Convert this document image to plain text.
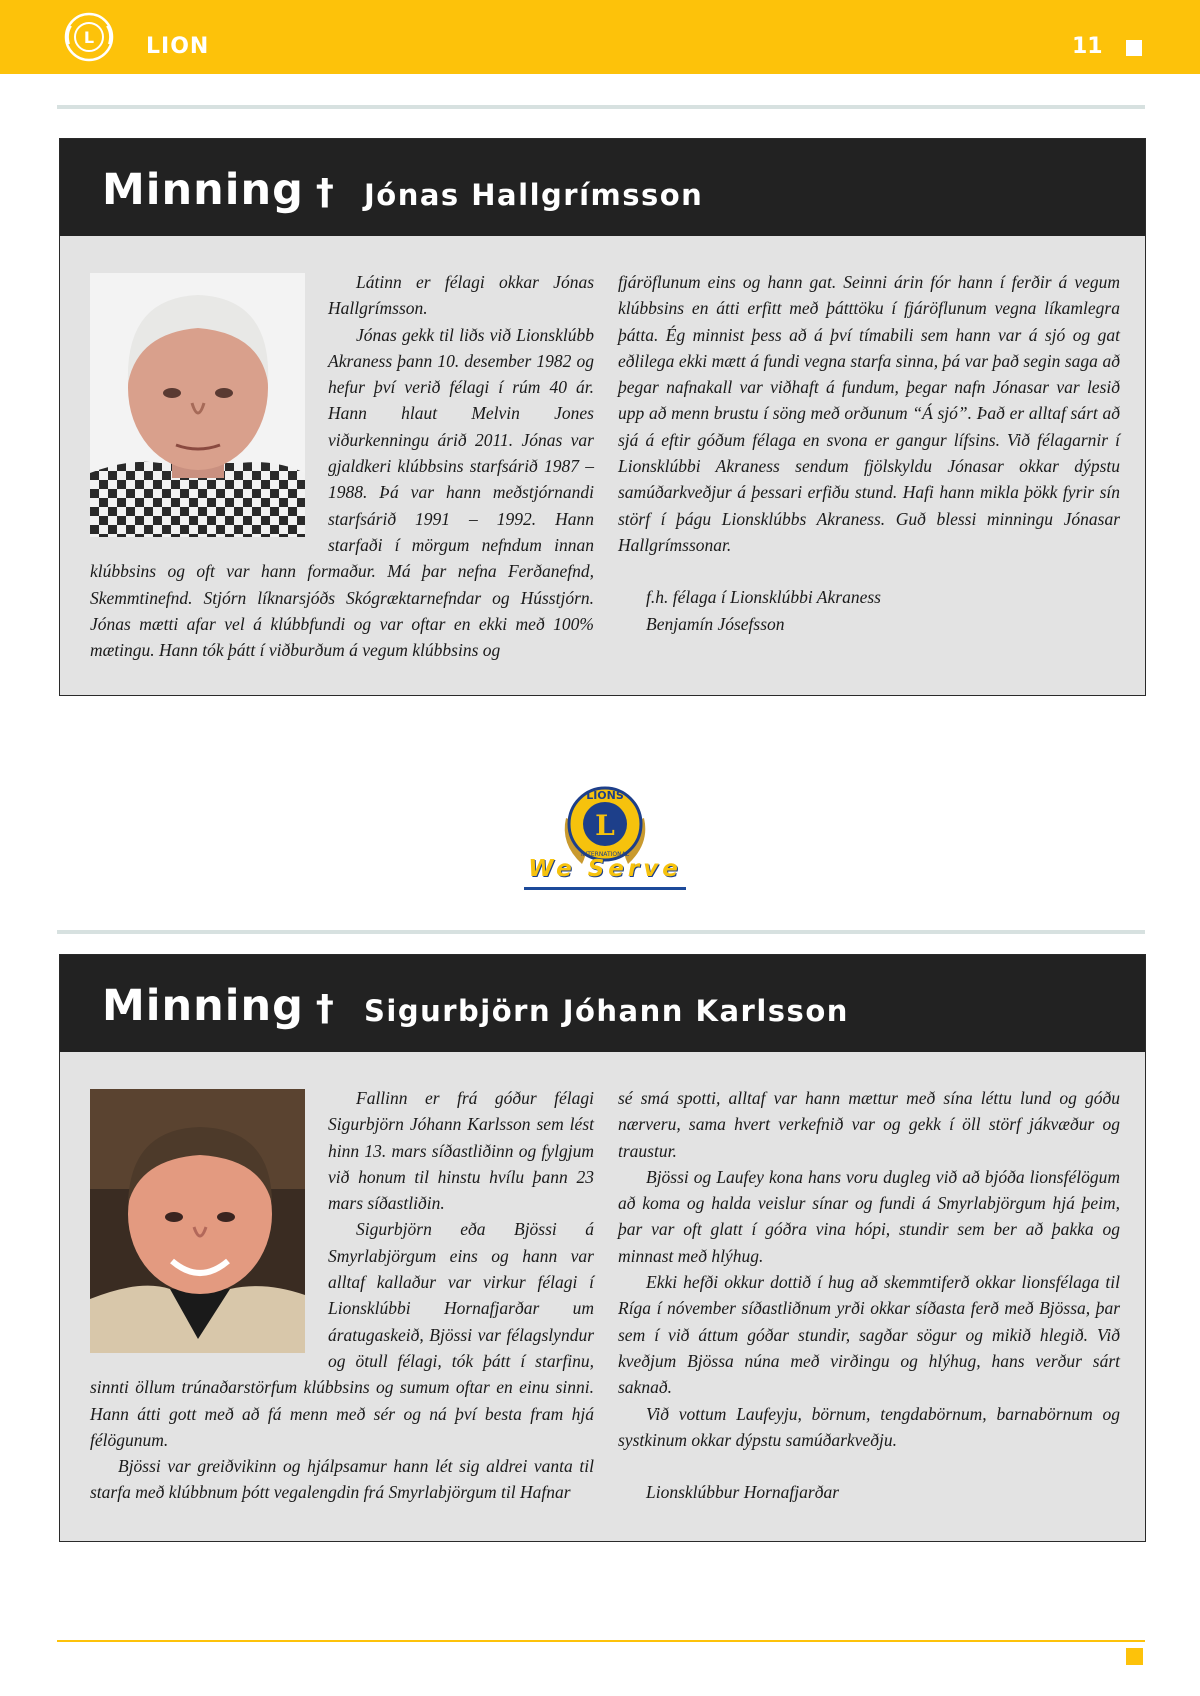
L LION	11
Minning † Jónas Hallgrímsson

Látinn er félagi okkar Jónas Hallgrímsson.

Jónas gekk til liðs við Lionsklúbb Akraness þann 10. desember 1982 og hefur því verið félagi í rúm 40 ár. Hann hlaut Melvin Jones viðurkenningu árið 2011. Jónas var gjaldkeri klúbbsins starfsárið 1987 – 1988. Þá var hann meðstjórnandi starfsárið 1991 – 1992. Hann starfaði í mörgum nefndum innan klúbbsins og oft var hann formaður. Má þar nefna Ferðanefnd, Skemmtinefnd. Stjórn líknarsjóðs Skógræktarnefndar og Hússtjórn. Jónas mætti afar vel á klúbbfundi og var oftar en ekki með 100% mætingu. Hann tók þátt í viðburðum á vegum klúbbsins og

fjáröflunum eins og hann gat. Seinni árin fór hann í ferðir á vegum klúbbsins en átti erfitt með þátttöku í fjáröflunum vegna líkamlegra þátta. Ég minnist þess að á því tímabili sem hann var á sjó og gat eðlilega ekki mætt á fundi vegna starfa sinna, þá var það segin saga að þegar nafnakall var viðhaft á fundum, þegar nafn Jónasar var lesið upp að menn brustu í söng með orðunum “Á sjó”. Það er alltaf sárt að sjá á eftir góðum félaga en svona er gangur lífsins. Við félagarnir í Lionsklúbbi Akraness sendum fjölskyldu Jónasar okkar dýpstu samúðarkveðjur á þessari erfiðu stund. Hafi hann mikla þökk fyrir sín störf í þágu Lionsklúbbs Akraness. Guð blessi minningu Jónasar Hallgrímssonar.

f.h. félaga í Lionsklúbbi Akraness
Benjamín Jósefsson
L
LIONS
INTERNATIONAL
We Serve
Minning † Sigurbjörn Jóhann Karlsson

Fallinn er frá góður félagi Sigurbjörn Jóhann Karlsson sem lést hinn 13. mars síðastliðinn og fylgjum við honum til hinstu hvílu þann 23 mars síðastliðin.

Sigurbjörn eða Bjössi á Smyrlabjörgum eins og hann var alltaf kallaður var virkur félagi í Lionsklúbbi Hornafjarðar um áratugaskeið, Bjössi var félagslyndur og ötull félagi, tók þátt í starfinu, sinnti öllum trúnaðarstörfum klúbbsins og sumum oftar en einu sinni. Hann átti gott með að fá menn með sér og ná því besta fram hjá félögunum.

Bjössi var greiðvikinn og hjálpsamur hann lét sig aldrei vanta til starfa með klúbbnum þótt vegalengdin frá Smyrlabjörgum til Hafnar

sé smá spotti, alltaf var hann mættur með sína léttu lund og góðu nærveru, sama hvert verkefnið var og gekk í öll störf jákvæður og traustur.

Bjössi og Laufey kona hans voru dugleg við að bjóða lionsfélögum að koma og halda veislur sínar og fundi á Smyrlabjörgum hjá þeim, þar var oft glatt í góðra vina hópi, stundir sem ber að þakka og minnast með hlýhug.

Ekki hefði okkur dottið í hug að skemmtiferð okkar lionsfélaga til Ríga í nóvember síðastliðnum yrði okkar síðasta ferð með Bjössa, þar sem í við áttum góðar stundir, sagðar sögur og mikið hlegið. Við kveðjum Bjössa núna með virðingu og hlýhug, hans verður sárt saknað.

Við vottum Laufeyju, börnum, tengdabörnum, barnabörnum og systkinum okkar dýpstu samúðarkveðju.

Lionsklúbbur Hornafjarðar
